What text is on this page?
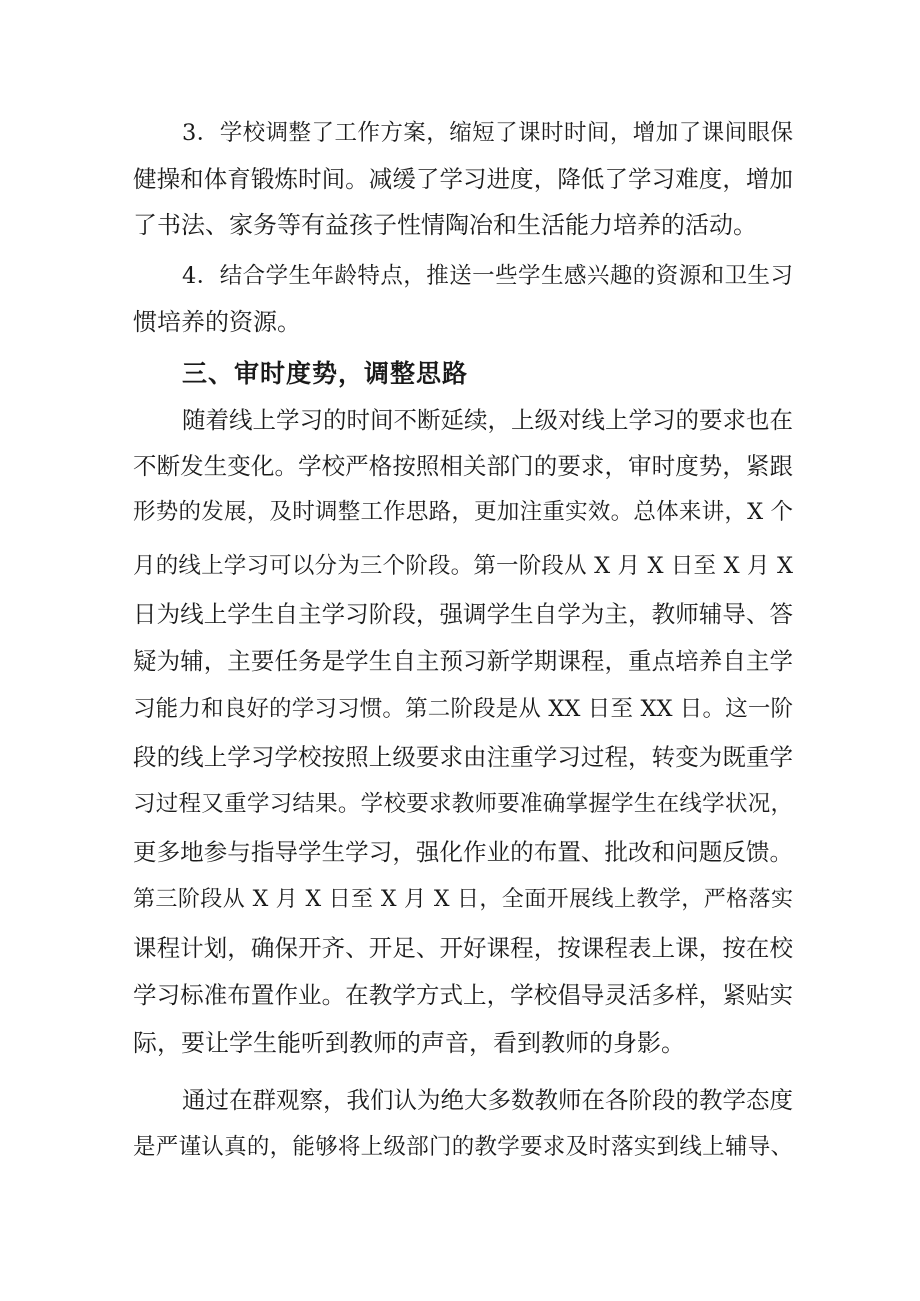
3．学校调整了工作方案，缩短了课时时间，增加了课间眼保
健操和体育锻炼时间。减缓了学习进度，降低了学习难度，增加
了书法、家务等有益孩子性情陶冶和生活能力培养的活动。
4．结合学生年龄特点，推送一些学生感兴趣的资源和卫生习
惯培养的资源。
三、审时度势，调整思路
随着线上学习的时间不断延续，上级对线上学习的要求也在
不断发生变化。学校严格按照相关部门的要求，审时度势，紧跟
形势的发展，及时调整工作思路，更加注重实效。总体来讲，X 个
月的线上学习可以分为三个阶段。第一阶段从 X 月 X 日至 X 月 X
日为线上学生自主学习阶段，强调学生自学为主，教师辅导、答
疑为辅，主要任务是学生自主预习新学期课程，重点培养自主学
习能力和良好的学习习惯。第二阶段是从 XX 日至 XX 日。这一阶
段的线上学习学校按照上级要求由注重学习过程，转变为既重学
习过程又重学习结果。学校要求教师要准确掌握学生在线学状况，
更多地参与指导学生学习，强化作业的布置、批改和问题反馈。
第三阶段从 X 月 X 日至 X 月 X 日，全面开展线上教学，严格落实
课程计划，确保开齐、开足、开好课程，按课程表上课，按在校
学习标准布置作业。在教学方式上，学校倡导灵活多样，紧贴实
际，要让学生能听到教师的声音，看到教师的身影。
通过在群观察，我们认为绝大多数教师在各阶段的教学态度
是严谨认真的，能够将上级部门的教学要求及时落实到线上辅导、
